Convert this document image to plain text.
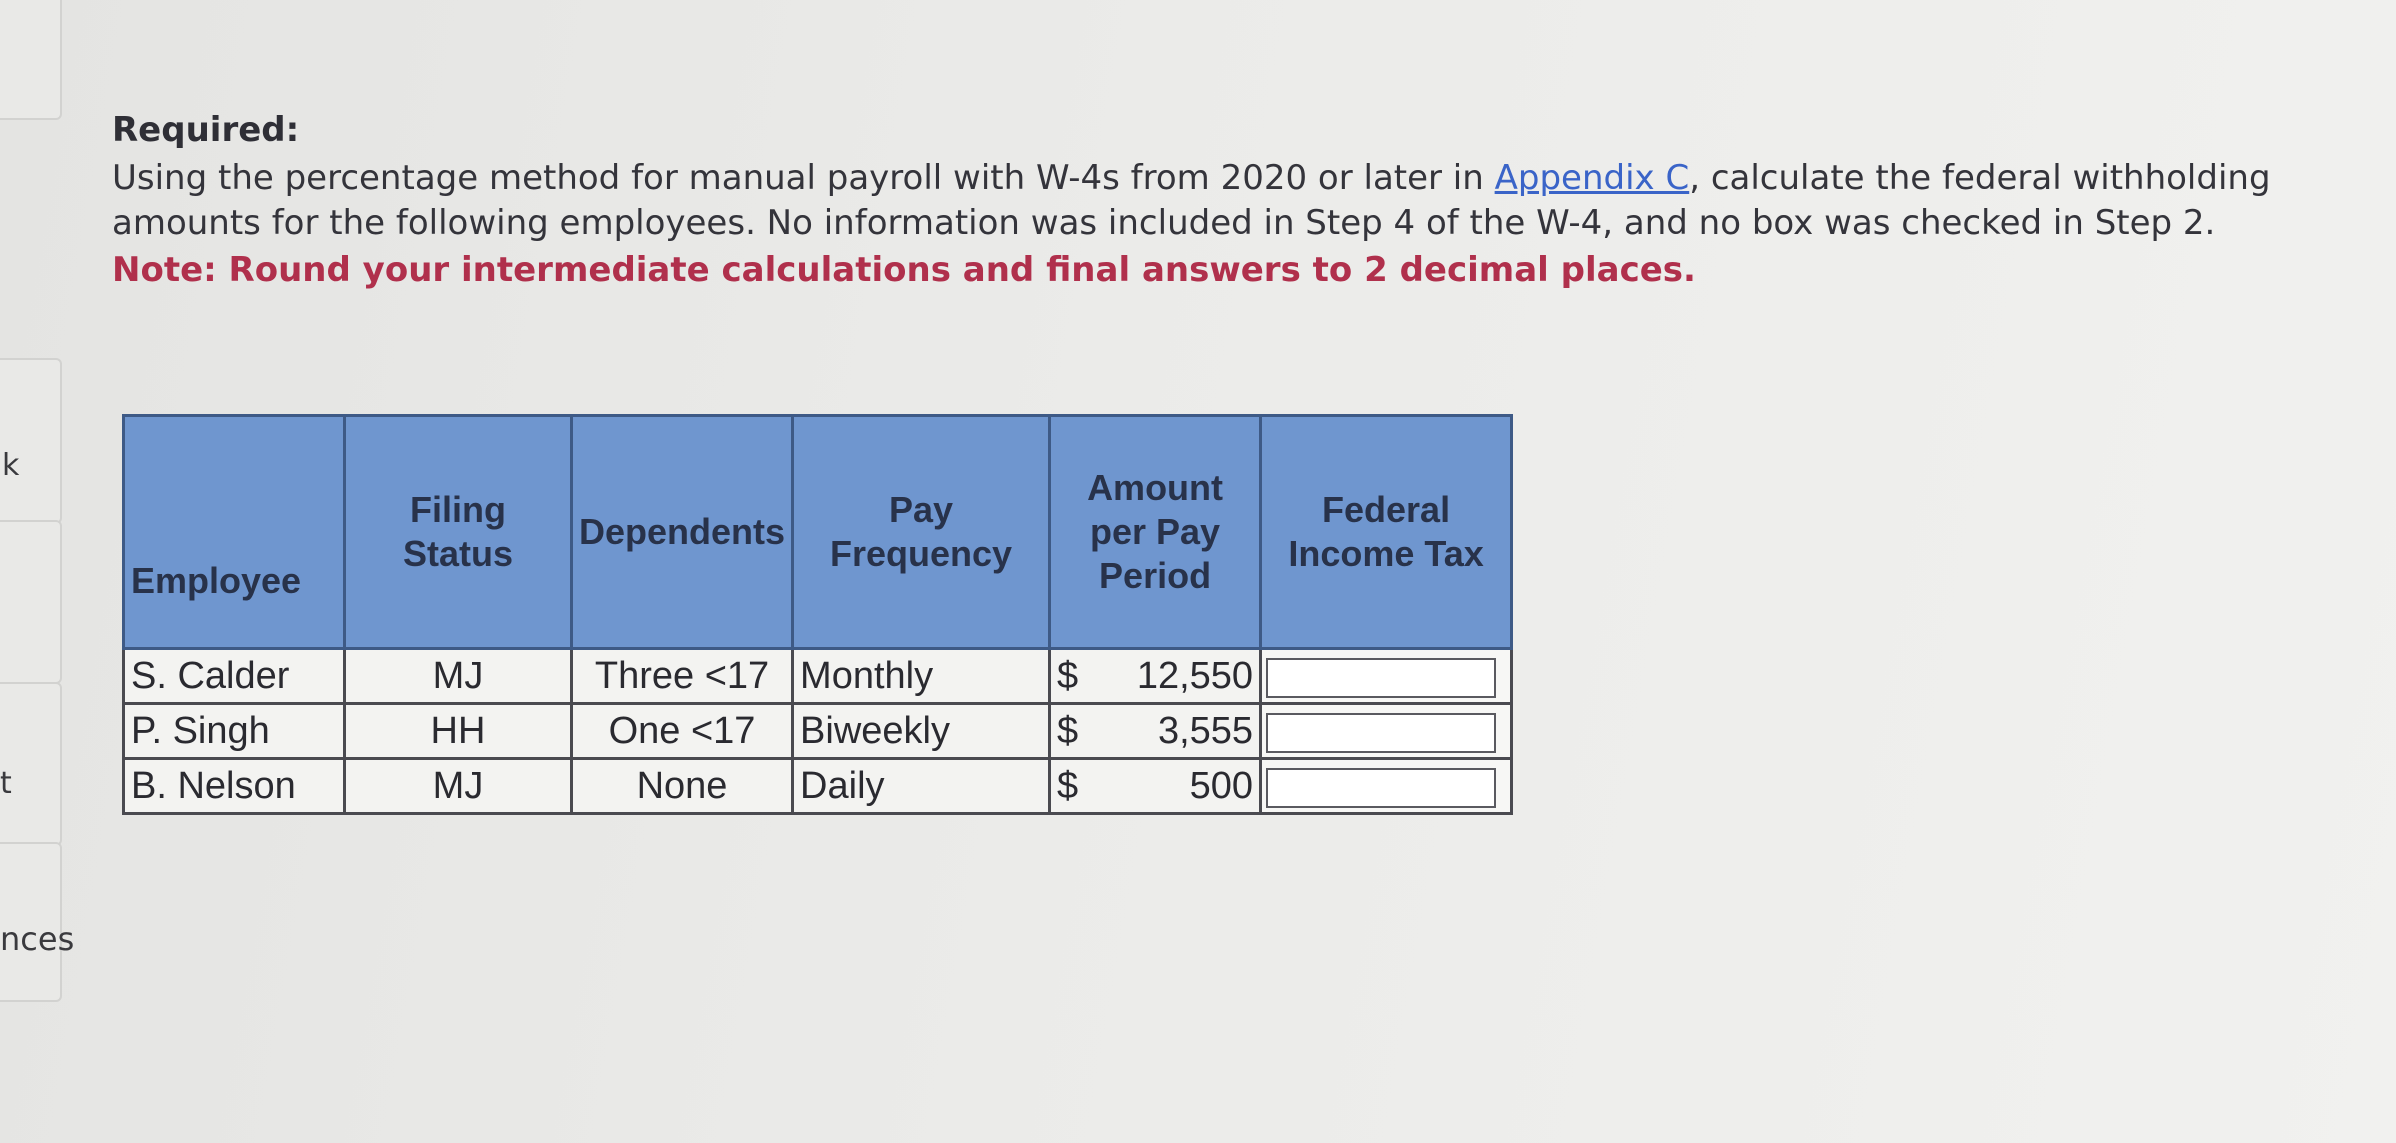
k
t
nces
Required:

Using the percentage method for manual payroll with W-4s from 2020 or later in Appendix C, calculate the federal withholding amounts for the following employees. No information was included in Step 4 of the W-4, and no box was checked in Step 2.

Note: Round your intermediate calculations and final answers to 2 decimal places.
Employee	Filing Status	Dependents	Pay Frequency	Amount per Pay Period	Federal Income Tax
S. Calder	MJ	Three <17	Monthly	$ 12,550

P. Singh	HH	One <17	Biweekly	$ 3,555

B. Nelson	MJ	None	Daily	$ 500
